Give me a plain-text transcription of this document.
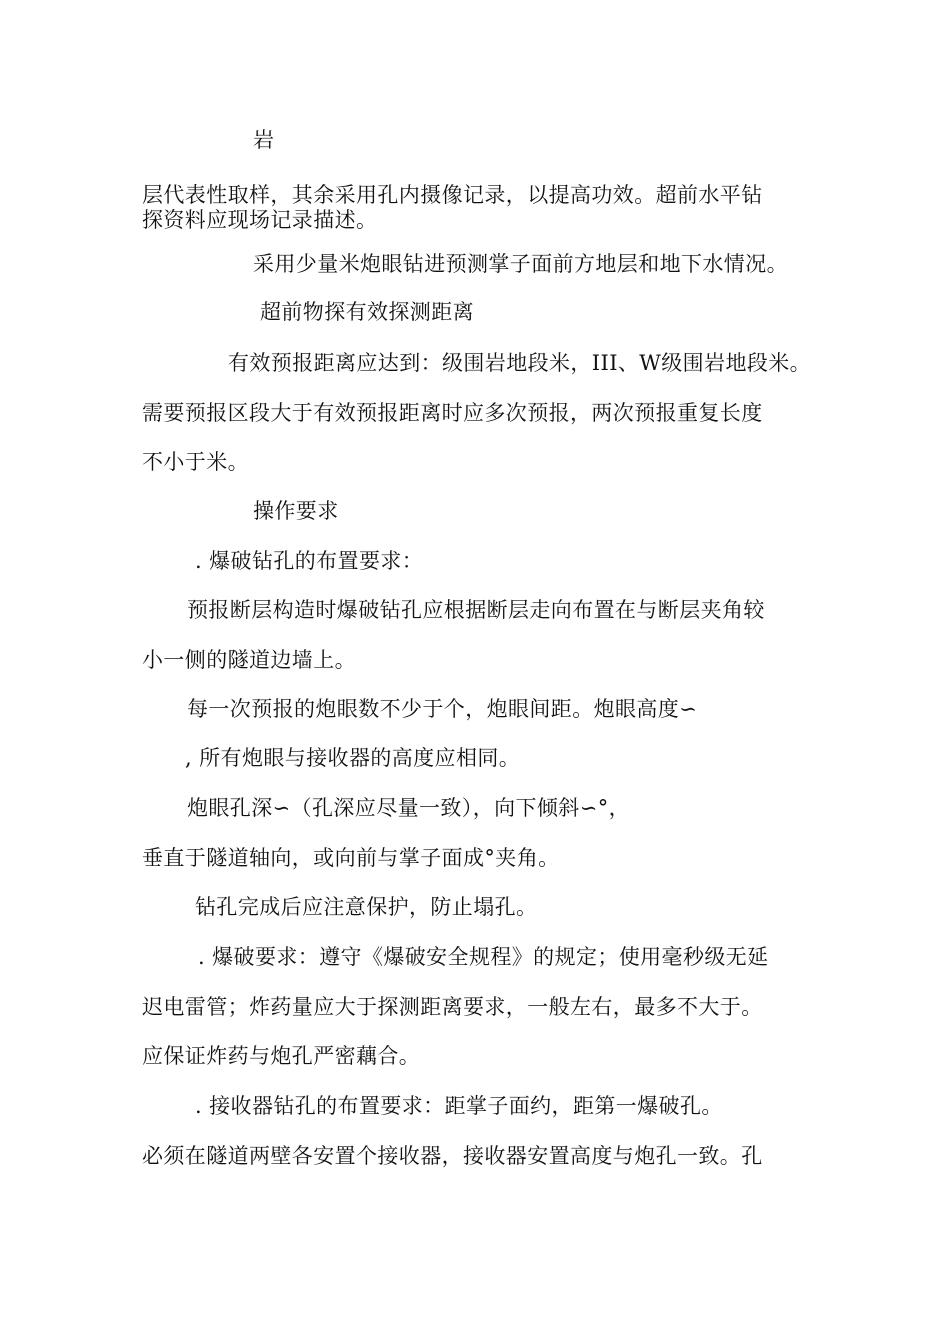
岩
层代表性取样，其余采用孔内摄像记录，以提高功效。超前水平钻
探资料应现场记录描述。
采用少量米炮眼钻进预测掌子面前方地层和地下水情况。
超前物探有效探测距离
有效预报距离应达到：级围岩地段米，III、W级围岩地段米。
需要预报区段大于有效预报距离时应多次预报，两次预报重复长度
不小于米。
操作要求
. 爆破钻孔的布置要求：
预报断层构造时爆破钻孔应根据断层走向布置在与断层夹角较
小一侧的隧道边墙上。
每一次预报的炮眼数不少于个，炮眼间距。炮眼高度∽
, 所有炮眼与接收器的高度应相同。
炮眼孔深∽（孔深应尽量一致），向下倾斜∽°，
垂直于隧道轴向，或向前与掌子面成°夹角。
钻孔完成后应注意保护，防止塌孔。
. 爆破要求：遵守《爆破安全规程》的规定；使用毫秒级无延
迟电雷管；炸药量应大于探测距离要求，一般左右，最多不大于。
应保证炸药与炮孔严密藕合。
. 接收器钻孔的布置要求：距掌子面约，距第一爆破孔。
必须在隧道两壁各安置个接收器，接收器安置高度与炮孔一致。孔
